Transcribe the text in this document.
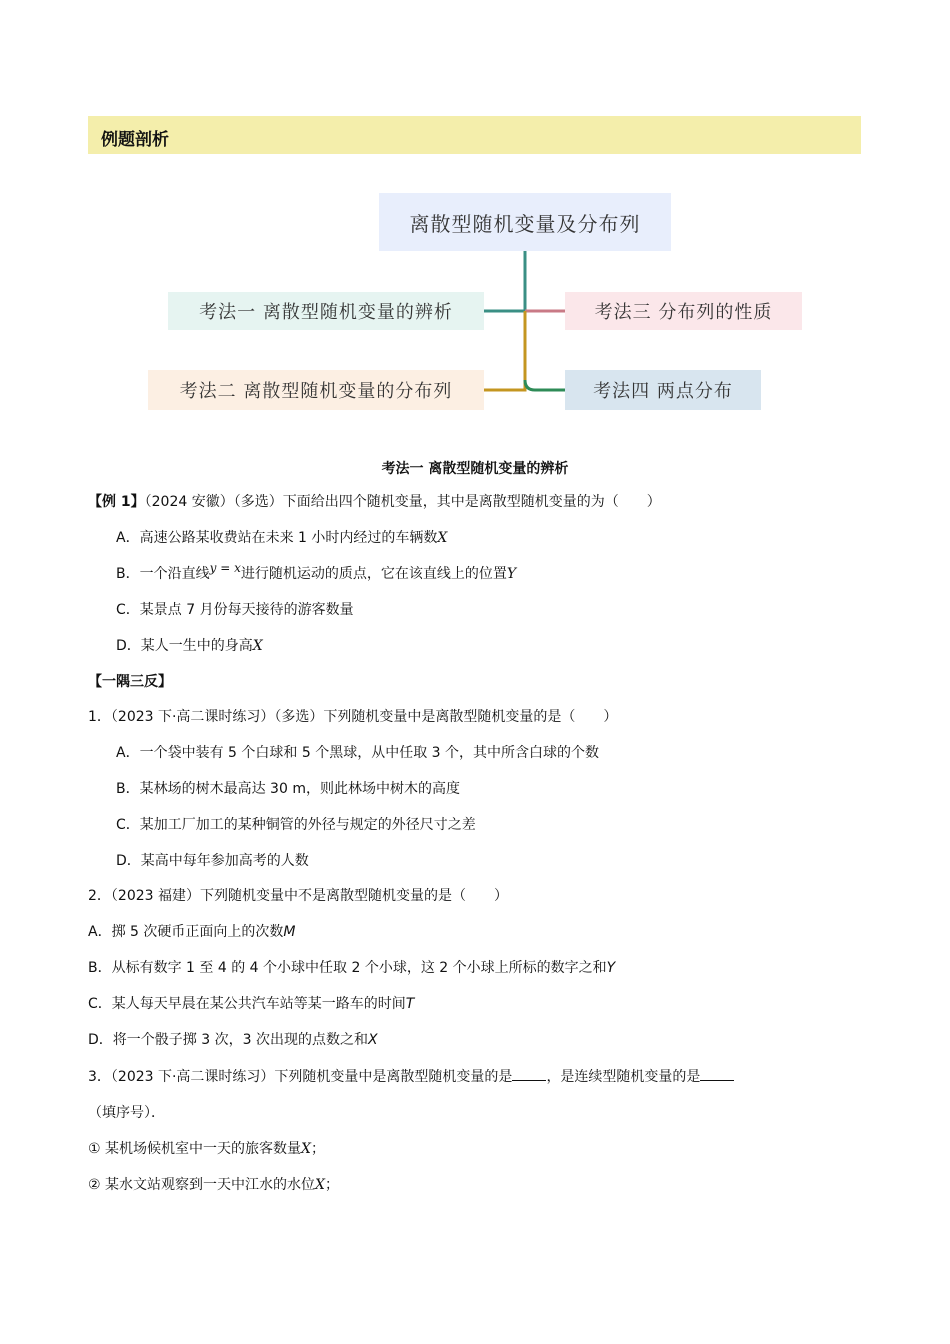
例题剖析
离散型随机变量及分布列
考法一 离散型随机变量的辨析
考法二 离散型随机变量的分布列
考法三 分布列的性质
考法四 两点分布
考法一 离散型随机变量的辨析
【例 1】（2024 安徽）（多选）下面给出四个随机变量，其中是离散型随机变量的为（　　）
A．高速公路某收费站在未来 1 小时内经过的车辆数X
B．一个沿直线y = x进行随机运动的质点，它在该直线上的位置Y
C．某景点 7 月份每天接待的游客数量
D．某人一生中的身高X
【一隅三反】
1．（2023 下·高二课时练习）（多选）下列随机变量中是离散型随机变量的是（　　）
A．一个袋中装有 5 个白球和 5 个黑球，从中任取 3 个，其中所含白球的个数
B．某林场的树木最高达 30 m，则此林场中树木的高度
C．某加工厂加工的某种铜管的外径与规定的外径尺寸之差
D．某高中每年参加高考的人数
2．（2023 福建）下列随机变量中不是离散型随机变量的是（　　）
A．掷 5 次硬币正面向上的次数M
B．从标有数字 1 至 4 的 4 个小球中任取 2 个小球，这 2 个小球上所标的数字之和Y
C．某人每天早晨在某公共汽车站等某一路车的时间T
D．将一个骰子掷 3 次，3 次出现的点数之和X
3．（2023 下·高二课时练习）下列随机变量中是离散型随机变量的是 ，是连续型随机变量的是
（填序号）．
① 某机场候机室中一天的旅客数量X；
② 某水文站观察到一天中江水的水位X；
